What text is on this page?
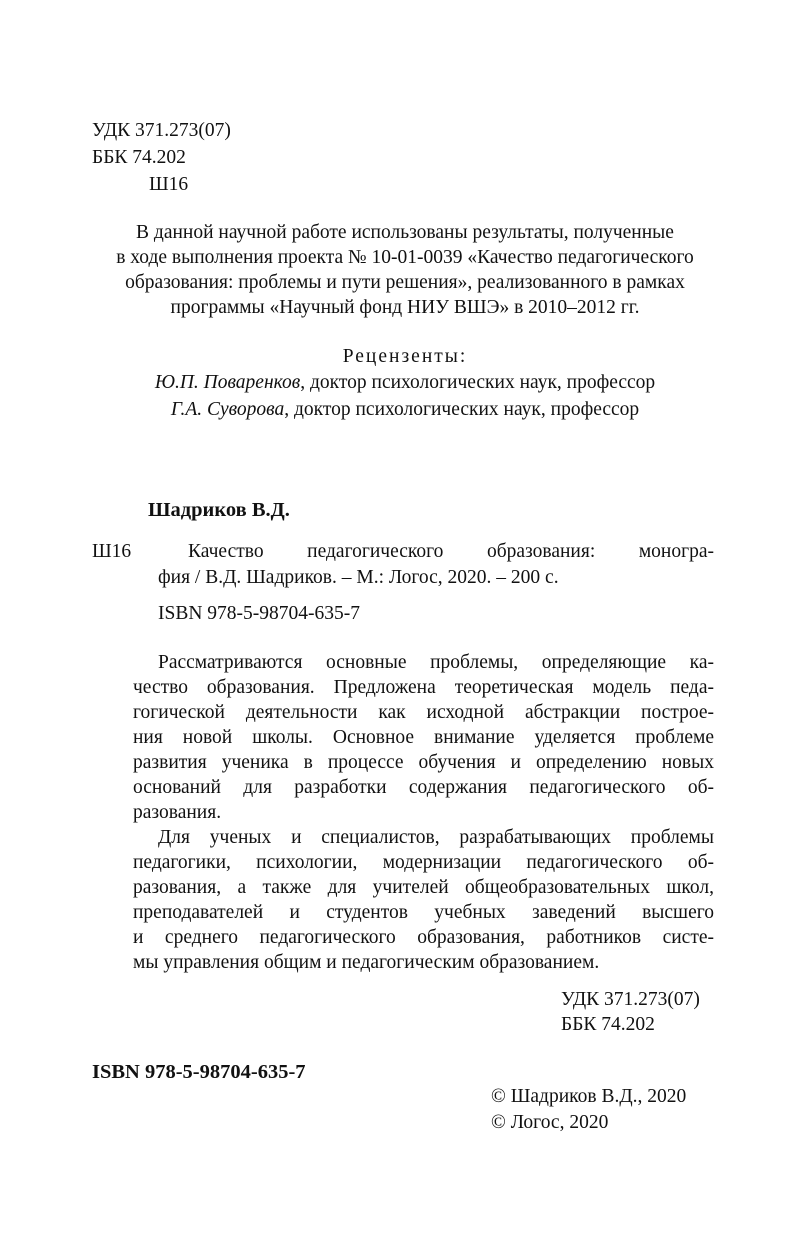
УДК 371.273(07)
ББК 74.202
Ш16
В данной научной работе использованы результаты, полученные
в ходе выполнения проекта № 10-01-0039 «Качество педагогического
образования: проблемы и пути решения», реализованного в рамках
программы «Научный фонд НИУ ВШЭ» в 2010–2012 гг.
Рецензенты:
Ю.П. Поваренков, доктор психологических наук, профессор
Г.А. Суворова, доктор психологических наук, профессор
Шадриков В.Д.
Ш16	Качество педагогического образования: моногра-
фия / В.Д. Шадриков. – М.: Логос, 2020. – 200 с.
ISBN 978-5-98704-635-7
Рассматриваются основные проблемы, определяющие ка-
чество образования. Предложена теоретическая модель педа-
гогической деятельности как исходной абстракции построе-
ния новой школы. Основное внимание уделяется проблеме
развития ученика в процессе обучения и определению новых
оснований для разработки содержания педагогического об-
разования.
Для ученых и специалистов, разрабатывающих проблемы
педагогики, психологии, модернизации педагогического об-
разования, а также для учителей общеобразовательных школ,
преподавателей и студентов учебных заведений высшего
и среднего педагогического образования, работников систе-
мы управления общим и педагогическим образованием.
УДК 371.273(07)
ББК 74.202
ISBN 978-5-98704-635-7
© Шадриков В.Д., 2020
© Логос, 2020
